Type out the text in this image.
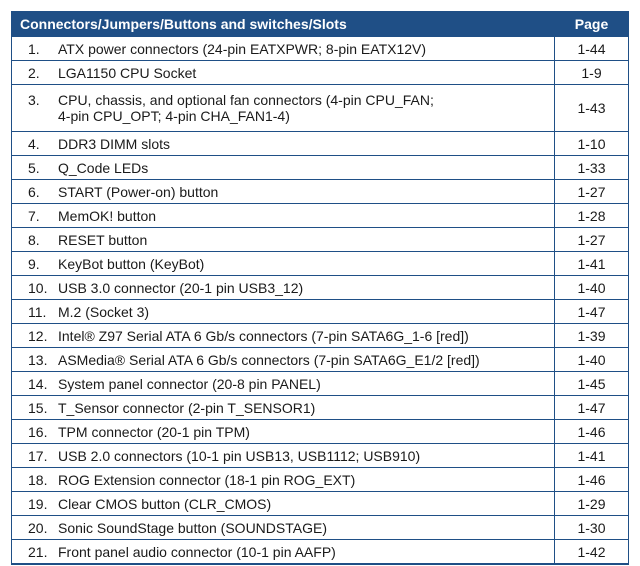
Connectors/Jumpers/Buttons and switches/Slots	Page
1. ATX power connectors (24-pin EATXPWR; 8-pin EATX12V)	1-44
2. LGA1150 CPU Socket	1-9
3. CPU, chassis, and optional fan connectors (4-pin CPU_FAN;
4-pin CPU_OPT; 4-pin CHA_FAN1-4)	1-43
4. DDR3 DIMM slots	1-10
5. Q_Code LEDs	1-33
6. START (Power-on) button	1-27
7. MemOK! button	1-28
8. RESET button	1-27
9. KeyBot button (KeyBot)	1-41
10. USB 3.0 connector (20-1 pin USB3_12)	1-40
11. M.2 (Socket 3)	1-47
12. Intel® Z97 Serial ATA 6 Gb/s connectors (7-pin SATA6G_1-6 [red])	1-39
13. ASMedia® Serial ATA 6 Gb/s connectors (7-pin SATA6G_E1/2 [red])	1-40
14. System panel connector (20-8 pin PANEL)	1-45
15. T_Sensor connector (2-pin T_SENSOR1)	1-47
16. TPM connector (20-1 pin TPM)	1-46
17. USB 2.0 connectors (10-1 pin USB13, USB1112; USB910)	1-41
18. ROG Extension connector (18-1 pin ROG_EXT)	1-46
19. Clear CMOS button (CLR_CMOS)	1-29
20. Sonic SoundStage button (SOUNDSTAGE)	1-30
21. Front panel audio connector (10-1 pin AAFP)	1-42
